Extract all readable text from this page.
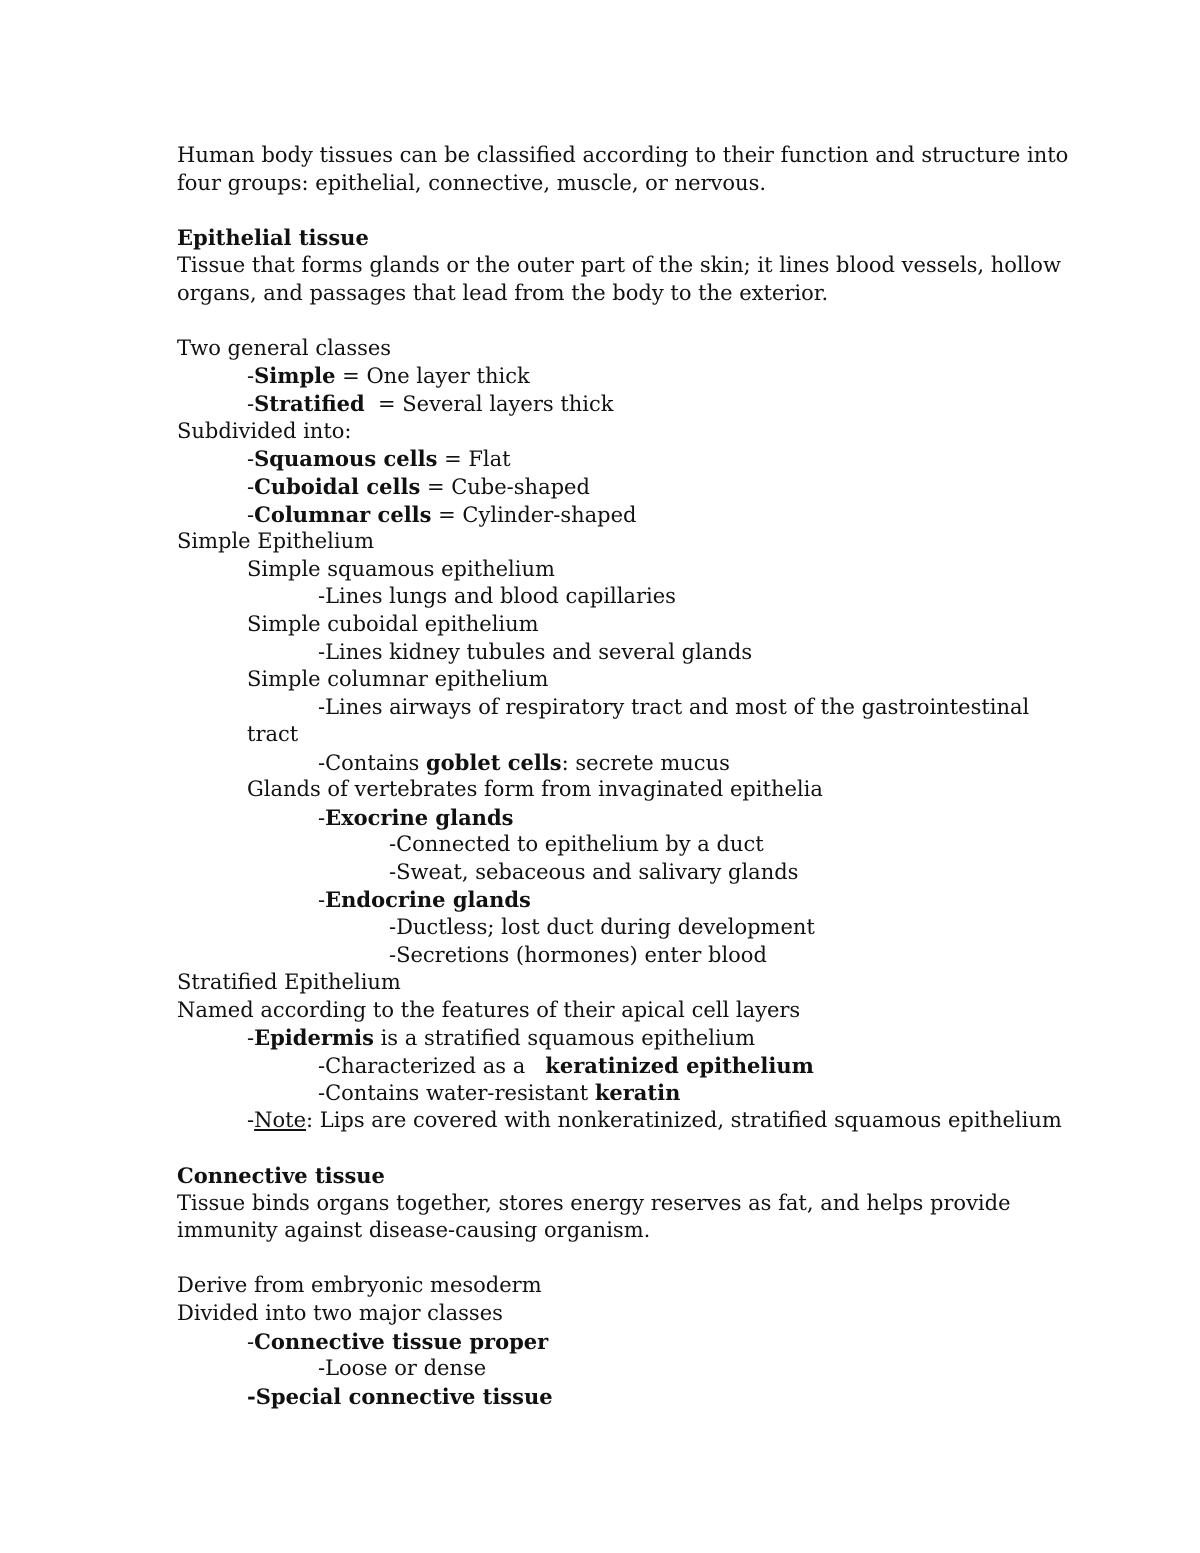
Human body tissues can be classified according to their function and structure into
four groups: epithelial, connective, muscle, or nervous.
Epithelial tissue
Tissue that forms glands or the outer part of the skin; it lines blood vessels, hollow
organs, and passages that lead from the body to the exterior.
Two general classes
-Simple = One layer thick
-Stratified  = Several layers thick
Subdivided into:
-Squamous cells = Flat
-Cuboidal cells = Cube-shaped
-Columnar cells = Cylinder-shaped
Simple Epithelium
Simple squamous epithelium
-Lines lungs and blood capillaries
Simple cuboidal epithelium
-Lines kidney tubules and several glands
Simple columnar epithelium
-Lines airways of respiratory tract and most of the gastrointestinal
tract
-Contains goblet cells: secrete mucus
Glands of vertebrates form from invaginated epithelia
-Exocrine glands
-Connected to epithelium by a duct
-Sweat, sebaceous and salivary glands
-Endocrine glands
-Ductless; lost duct during development
-Secretions (hormones) enter blood
Stratified Epithelium
Named according to the features of their apical cell layers
-Epidermis is a stratified squamous epithelium
-Characterized as a   keratinized epithelium
-Contains water-resistant keratin
-Note: Lips are covered with nonkeratinized, stratified squamous epithelium
Connective tissue
Tissue binds organs together, stores energy reserves as fat, and helps provide
immunity against disease-causing organism.
Derive from embryonic mesoderm
Divided into two major classes
-Connective tissue proper
-Loose or dense
-Special connective tissue
